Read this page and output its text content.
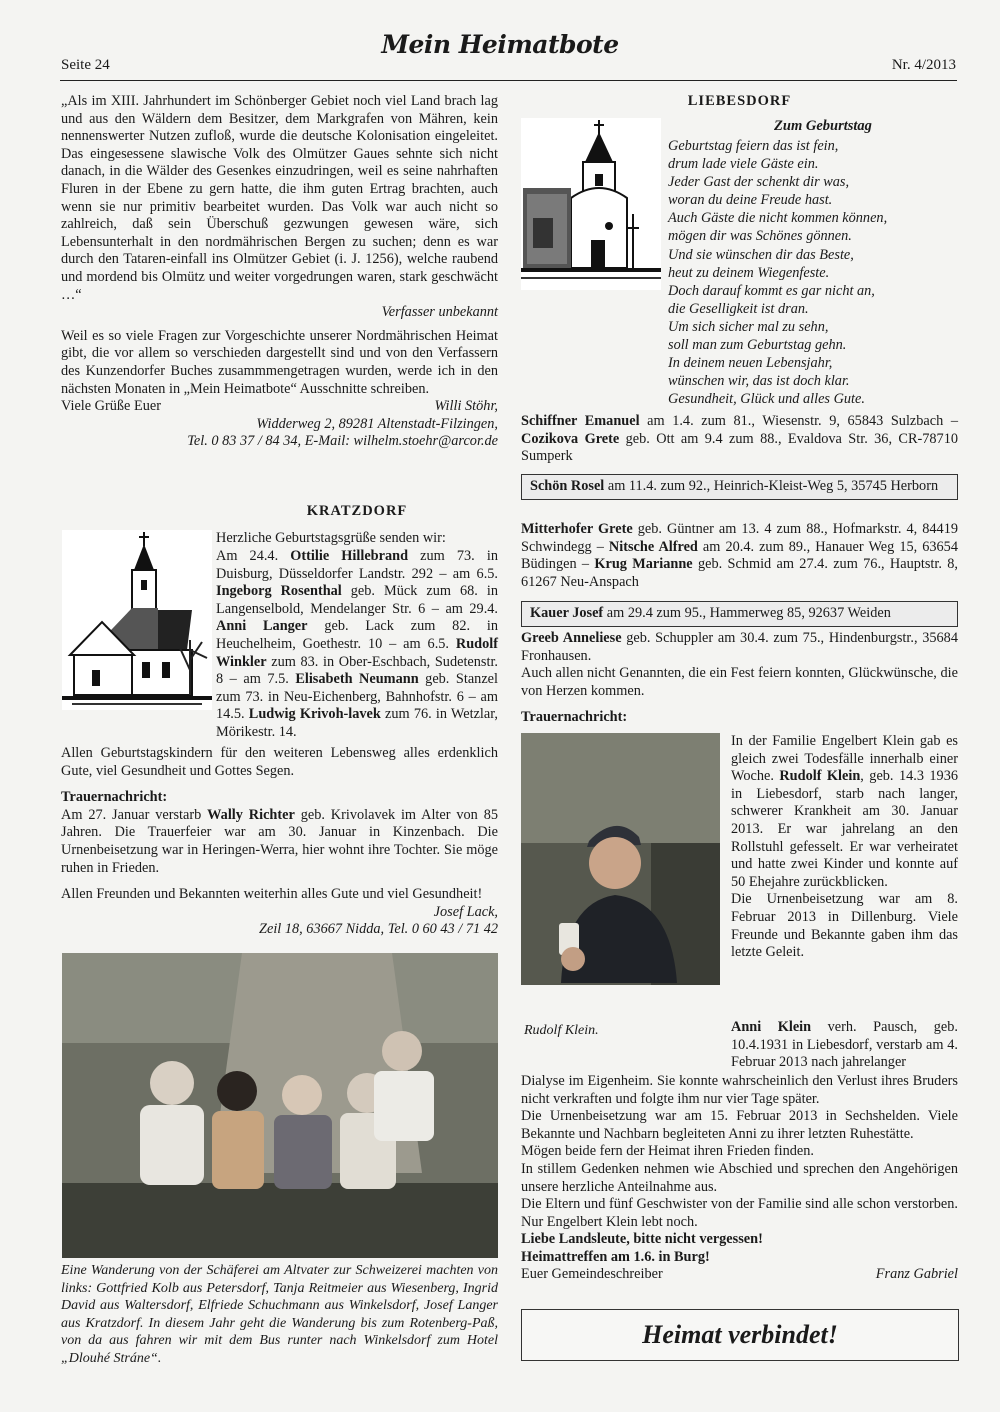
Seite 24
Mein Heimatbote
Nr. 4/2013

„Als im XIII. Jahrhundert im Schönberger Gebiet noch viel Land brach lag und aus den Wäldern dem Besitzer, dem Markgrafen von Mähren, kein nennenswerter Nutzen zufloß, wurde die deutsche Kolonisation eingeleitet. Das eingesessene slawische Volk des Olmützer Gaues sehnte sich nicht danach, in die Wälder des Gesenkes einzudringen, weil es seine nahrhaften Fluren in der Ebene zu gern hatte, die ihm guten Ertrag brachten, auch wenn sie nur primitiv bearbeitet wurden. Das Volk war auch nicht so zahlreich, daß sein Überschuß gezwungen gewesen wäre, sich Lebensunterhalt in den nordmährischen Bergen zu suchen; denn es war durch den Tataren-einfall ins Olmützer Gebiet (i. J. 1256), welche raubend und mordend bis Olmütz und weiter vorgedrungen waren, stark geschwächt …“

Verfasser unbekannt

Weil es so viele Fragen zur Vorgeschichte unserer Nordmährischen Heimat gibt, die vor allem so verschieden dargestellt sind und von den Verfassern des Kunzendorfer Buches zusammmengetragen wurden, werde ich in den nächsten Monaten in „Mein Heimatbote“ Ausschnitte schreiben.

Viele Grüße Euer	Willi Stöhr,

Widderweg 2, 89281 Altenstadt-Filzingen,

Tel. 0 83 37 / 84 34, E-Mail: wilhelm.stoehr@arcor.de

KRATZDORF

Herzliche Geburtstagsgrüße senden wir:

Am 24.4. Ottilie Hillebrand zum 73. in Duisburg, Düsseldorfer Landstr. 292 – am 6.5. Ingeborg Rosenthal geb. Mück zum 68. in Langenselbold, Mendelanger Str. 6 – am 29.4. Anni Langer geb. Lack zum 82. in Heuchelheim, Goethestr. 10 – am 6.5. Rudolf Winkler zum 83. in Ober-Eschbach, Sudetenstr. 8 – am 7.5. Elisabeth Neumann geb. Stanzel zum 73. in Neu-Eichenberg, Bahnhofstr. 6 – am 14.5. Ludwig Krivoh-lavek zum 76. in Wetzlar, Mörikestr. 14.

Allen Geburtstagskindern für den weiteren Lebensweg alles erdenklich Gute, viel Gesundheit und Gottes Segen.

Trauernachricht:

Am 27. Januar verstarb Wally Richter geb. Krivolavek im Alter von 85 Jahren. Die Trauerfeier war am 30. Januar in Kinzenbach. Die Urnenbeisetzung war in Heringen-Werra, hier wohnt ihre Tochter. Sie möge ruhen in Frieden.

Allen Freunden und Bekannten weiterhin alles Gute und viel Gesundheit!

Josef Lack,

Zeil 18, 63667 Nidda, Tel. 0 60 43 / 71 42

Eine Wanderung von der Schäferei am Altvater zur Schweizerei machten von links: Gottfried Kolb aus Petersdorf, Tanja Reitmeier aus Wiesenberg, Ingrid David aus Waltersdorf, Elfriede Schuchmann aus Winkelsdorf, Josef Langer aus Kratzdorf. In diesem Jahr geht die Wanderung bis zum Rotenberg-Paß, von da aus fahren wir mit dem Bus runter nach Winkelsdorf zum Hotel „Dlouhé Stráne“.

LIEBESDORF

Zum Geburtstag

Geburtstag feiern das ist fein,
drum lade viele Gäste ein.
Jeder Gast der schenkt dir was,
woran du deine Freude hast.
Auch Gäste die nicht kommen können,
mögen dir was Schönes gönnen.
Und sie wünschen dir das Beste,
heut zu deinem Wiegenfeste.
Doch darauf kommt es gar nicht an,
die Geselligkeit ist dran.
Um sich sicher mal zu sehn,
soll man zum Geburtstag gehn.
In deinem neuen Lebensjahr,
wünschen wir, das ist doch klar.
Gesundheit, Glück und alles Gute.

Schiffner Emanuel am 1.4. zum 81., Wiesenstr. 9, 65843 Sulzbach – Cozikova Grete geb. Ott am 9.4 zum 88., Evaldova Str. 36, CR-78710 Sumperk

Schön Rosel am 11.4. zum 92., Heinrich-Kleist-Weg 5, 35745 Herborn

Mitterhofer Grete geb. Güntner am 13. 4 zum 88., Hofmarkstr. 4, 84419 Schwindegg – Nitsche Alfred am 20.4. zum 89., Hanauer Weg 15, 63654 Büdingen – Krug Marianne geb. Schmid am 27.4. zum 76., Hauptstr. 8, 61267 Neu-Anspach

Kauer Josef am 29.4 zum 95., Hammerweg 85, 92637 Weiden

Greeb Anneliese geb. Schuppler am 30.4. zum 75., Hindenburgstr., 35684 Fronhausen.

Auch allen nicht Genannten, die ein Fest feiern konnten, Glückwünsche, die von Herzen kommen.

Trauernachricht:

In der Familie Engelbert Klein gab es gleich zwei Todesfälle innerhalb einer Woche. Rudolf Klein, geb. 14.3 1936 in Liebesdorf, starb nach langer, schwerer Krankheit am 30. Januar 2013. Er war jahrelang an den Rollstuhl gefesselt. Er war verheiratet und hatte zwei Kinder und konnte auf 50 Ehejahre zurückblicken.

Die Urnenbeisetzung war am 8. Februar 2013 in Dillenburg. Viele Freunde und Bekannte gaben ihm das letzte Geleit.

Rudolf Klein.	Anni Klein verh. Pausch, geb. 10.4.1931 in Liebesdorf, verstarb am 4. Februar 2013 nach jahrelanger

Dialyse im Eigenheim. Sie konnte wahrscheinlich den Verlust ihres Bruders nicht verkraften und folgte ihm nur vier Tage später.

Die Urnenbeisetzung war am 15. Februar 2013 in Sechshelden. Viele Bekannte und Nachbarn begleiteten Anni zu ihrer letzten Ruhestätte.

Mögen beide fern der Heimat ihren Frieden finden.

In stillem Gedenken nehmen wie Abschied und sprechen den Angehörigen unsere herzliche Anteilnahme aus.

Die Eltern und fünf Geschwister von der Familie sind alle schon verstorben. Nur Engelbert Klein lebt noch.

Liebe Landsleute, bitte nicht vergessen!

Heimattreffen am 1.6. in Burg!

Euer Gemeindeschreiber	Franz Gabriel
Heimat verbindet!
